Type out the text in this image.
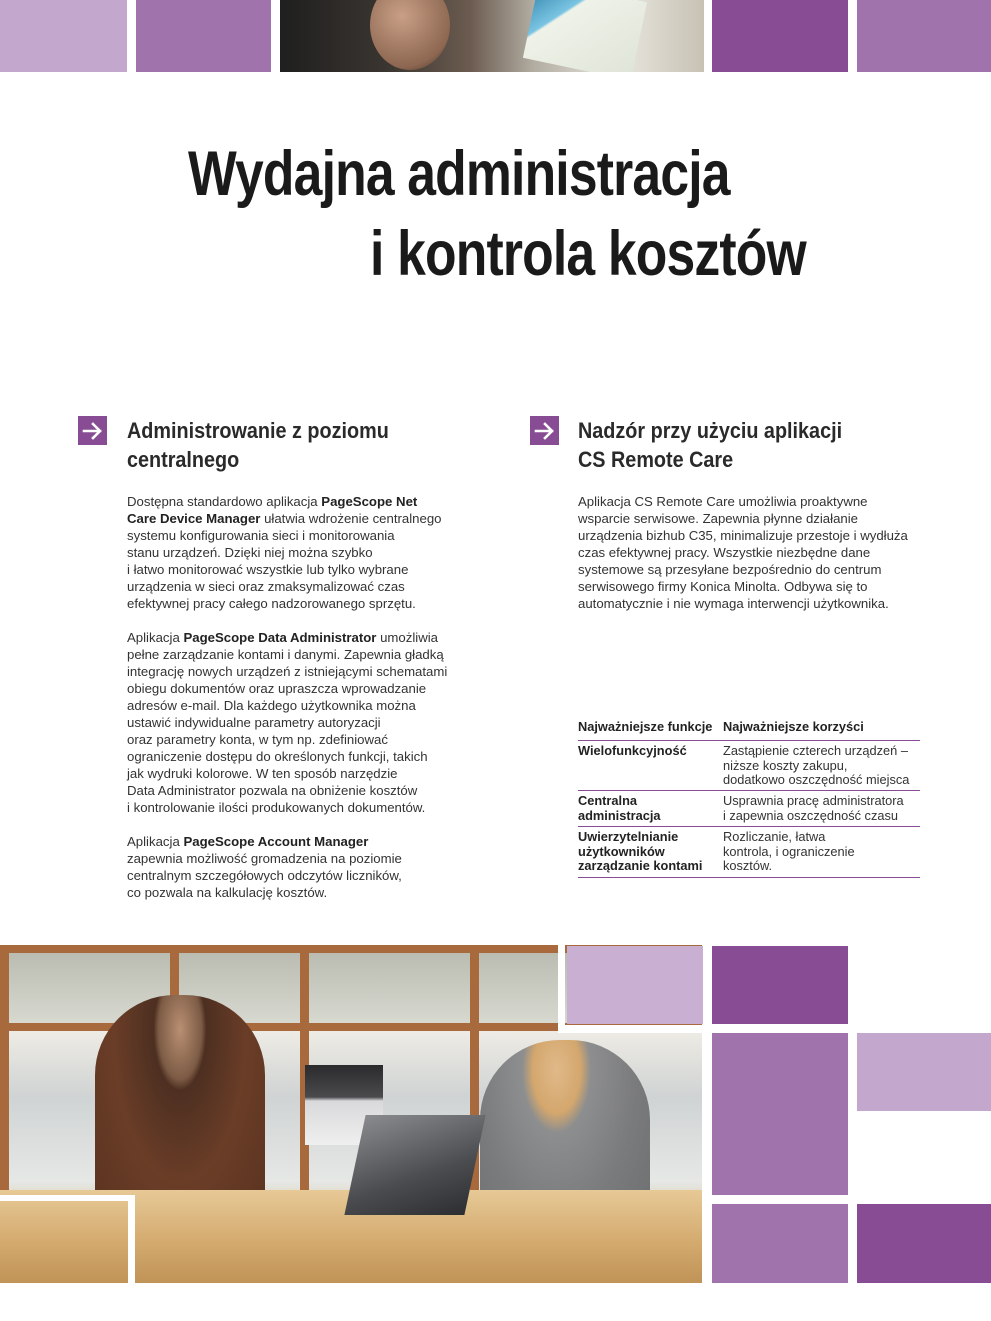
Wydajna administracja
i kontrola kosztów
Administrowanie z poziomu
centralnego
Dostępna standardowo aplikacja PageScope Net
Care Device Manager ułatwia wdrożenie centralnego
systemu konfigurowania sieci i monitorowania
stanu urządzeń. Dzięki niej można szybko
i łatwo monitorować wszystkie lub tylko wybrane
urządzenia w sieci oraz zmaksymalizować czas
efektywnej pracy całego nadzorowanego sprzętu.
Aplikacja PageScope Data Administrator umożliwia
pełne zarządzanie kontami i danymi. Zapewnia gładką
integrację nowych urządzeń z istniejącymi schematami
obiegu dokumentów oraz upraszcza wprowadzanie
adresów e-mail. Dla każdego użytkownika można
ustawić indywidualne parametry autoryzacji
oraz parametry konta, w tym np. zdefiniować
ograniczenie dostępu do określonych funkcji, takich
jak wydruki kolorowe. W ten sposób narzędzie
Data Administrator pozwala na obniżenie kosztów
i kontrolowanie ilości produkowanych dokumentów.
Aplikacja PageScope Account Manager
zapewnia możliwość gromadzenia na poziomie
centralnym szczegółowych odczytów liczników,
co pozwala na kalkulację kosztów.
Nadzór przy użyciu aplikacji
CS Remote Care
Aplikacja CS Remote Care umożliwia proaktywne
wsparcie serwisowe. Zapewnia płynne działanie
urządzenia bizhub C35, minimalizuje przestoje i wydłuża
czas efektywnej pracy. Wszystkie niezbędne dane
systemowe są przesyłane bezpośrednio do centrum
serwisowego firmy Konica Minolta. Odbywa się to
automatycznie i nie wymaga interwencji użytkownika.
Najważniejsze funkcje Najważniejsze korzyści
Wielofunkcyjność	Zastąpienie czterech urządzeń –
niższe koszty zakupu,
dodatkowo oszczędność miejsca
Centralna
administracja
Usprawnia pracę administratora
i zapewnia oszczędność czasu
Uwierzytelnianie
użytkowników
zarządzanie kontami
Rozliczanie, łatwa
kontrola, i ograniczenie
kosztów.
